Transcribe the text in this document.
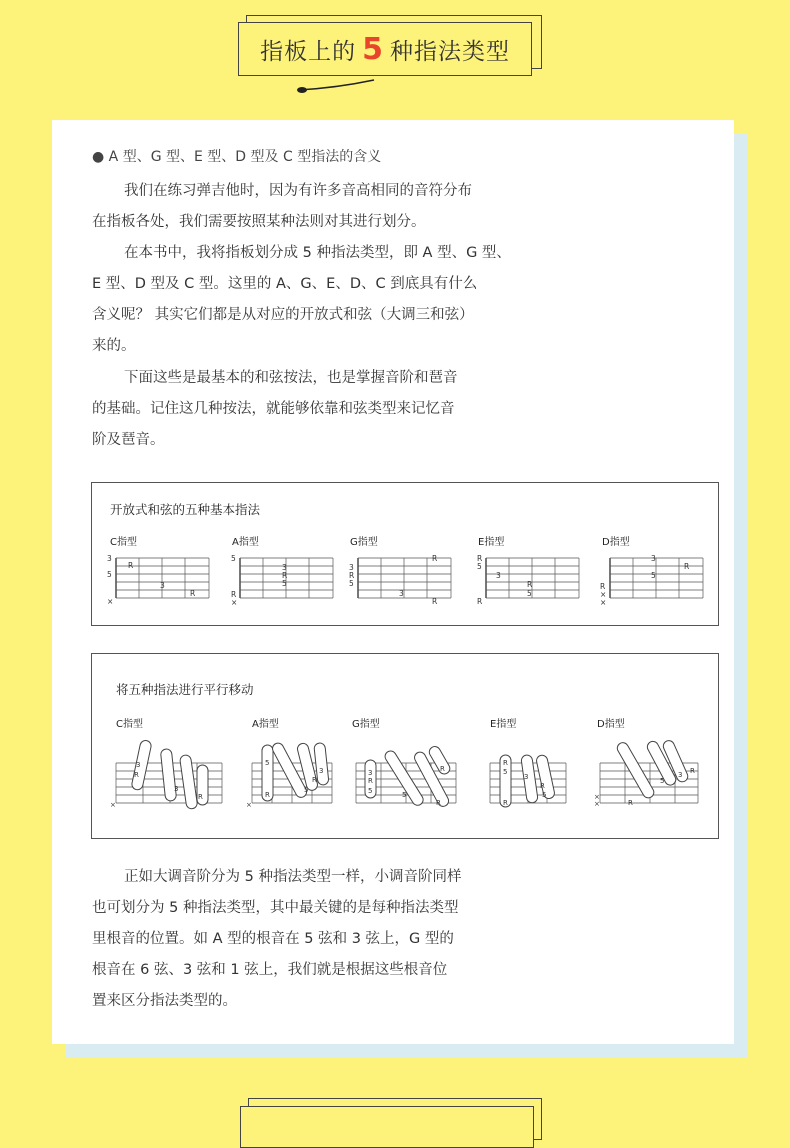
指板上的 5 种指法类型
● A 型、G 型、E 型、D 型及 C 型指法的含义

我们在练习弹吉他时，因为有许多音高相同的音符分布
在指板各处，我们需要按照某种法则对其进行划分。

在本书中，我将指板划分成 5 种指法类型，即 A 型、G 型、
E 型、D 型及 C 型。这里的 A、G、E、D、C 到底具有什么
含义呢？ 其实它们都是从对应的开放式和弦（大调三和弦）
来的。

下面这些是最基本的和弦按法，也是掌握音阶和琶音
的基础。记住这几种按法，就能够依靠和弦类型来记忆音
阶及琶音。

开放式和弦的五种基本指法
C指型	A指型	G指型	E指型	D指型
3
5
×
R
3
R
5
R
×
3
R
5
3
R
5
R
3
R
R
5
R
3
R
5
R
×
×
3
5
R
将五种指法进行平行移动
C指型	A指型	G指型	E指型	D指型
3
R
3
R
×
5
R
5
R
3
×
3
R
5	5
R
R
R
5
3
R
5
R
×
×	R
5
3 R

正如大调音阶分为 5 种指法类型一样，小调音阶同样
也可划分为 5 种指法类型，其中最关键的是每种指法类型
里根音的位置。如 A 型的根音在 5 弦和 3 弦上，G 型的
根音在 6 弦、3 弦和 1 弦上，我们就是根据这些根音位
置来区分指法类型的。
